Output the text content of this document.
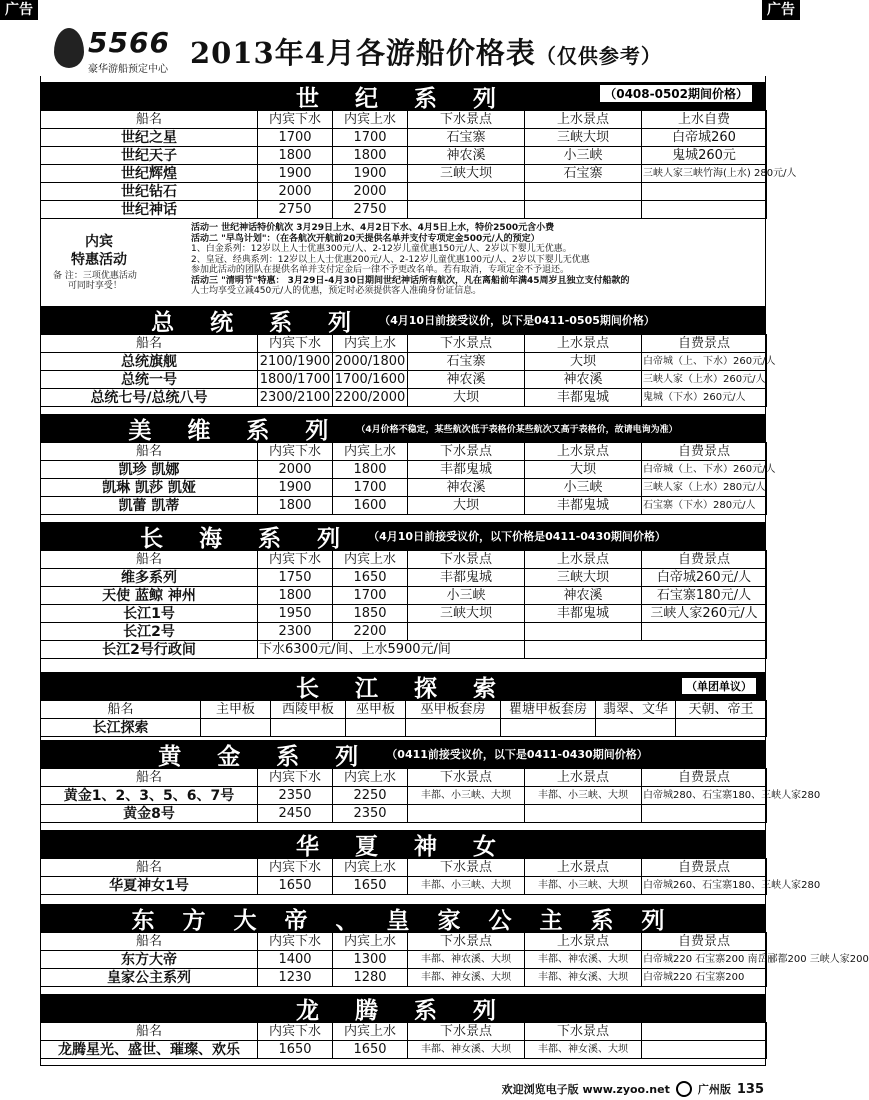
广告	广告
5566
豪华游船预定中心 2013年4月各游船价格表（仅供参考）
世 纪 系 列	（0408-0502期间价格）
船名	内宾下水	内宾上水	下水景点	上水景点	上水自费
世纪之星	1700	1700	石宝寨	三峡大坝	白帝城260
世纪天子	1800	1800	神农溪	小三峡	鬼城260元
世纪辉煌	1900	1900	三峡大坝	石宝寨	三峡人家三峡竹海(上水) 280元/人
世纪钻石	2000	2000			
世纪神话	2750	2750			
内宾
特惠活动
备 注：三项优惠活动
可同时享受！
活动一 世纪神话特价航次 3月29日上水、4月2日下水、4月5日上水，特价2500元含小费
活动二 "早鸟计划"：（在各航次开航前20天提供名单并支付专项定金500元/人的预定）
1、白金系列：12岁以上人士优惠300元/人、2-12岁儿童优惠150元/人、2岁以下婴儿无优惠。
2、皇冠、经典系列：12岁以上人士优惠200元/人、2-12岁儿童优惠100元/人、2岁以下婴儿无优惠
参加此活动的团队在提供名单并支付定金后一律不予更改名单。若有取消，专项定金不予退还。
活动三 "清明节"特惠： 3月29日-4月30日期间世纪神话所有航次，凡在离船前年满45周岁且独立支付船款的
人士均享受立减450元/人的优惠，预定时必须提供客人准确身份证信息。
总 统 系 列 （4月10日前接受议价，以下是0411-0505期间价格）
船名	内宾下水	内宾上水	下水景点	上水景点	自费景点
总统旗舰	2100/1900	2000/1800	石宝寨	大坝	白帝城（上、下水）260元/人
总统一号	1800/1700	1700/1600	神农溪	神农溪	三峡人家（上水）260元/人
总统七号/总统八号	2300/2100	2200/2000	大坝	丰都鬼城	鬼城（下水）260元/人
美 维 系 列 （4月价格不稳定，某些航次低于表格价某些航次又高于表格价，故请电询为准）
船名	内宾下水	内宾上水	下水景点	上水景点	自费景点
凯珍 凯娜	2000	1800	丰都鬼城	大坝	白帝城（上、下水）260元/人
凯琳 凯莎 凯娅	1900	1700	神农溪	小三峡	三峡人家（上水）280元/人
凯蕾 凯蒂	1800	1600	大坝	丰都鬼城	石宝寨（下水）280元/人
长 海 系 列 （4月10日前接受议价，以下价格是0411-0430期间价格）
船名	内宾下水	内宾上水	下水景点	上水景点	自费景点
维多系列	1750	1650	丰都鬼城	三峡大坝	白帝城260元/人
天使 蓝鲸 神州	1800	1700	小三峡	神农溪	石宝寨180元/人
长江1号	1950	1850	三峡大坝	丰都鬼城	三峡人家260元/人
长江2号	2300	2200			
长江2号行政间	下水6300元/间、上水5900元/间				
长 江 探 索	（单团单议）
船名	主甲板	西陵甲板	巫甲板	巫甲板套房	瞿塘甲板套房	翡翠、文华	天朝、帝王
长江探索							
黄 金 系 列 （0411前接受议价，以下是0411-0430期间价格）
船名	内宾下水	内宾上水	下水景点	上水景点	自费景点
黄金1、2、3、5、6、7号	2350	2250	丰都、小三峡、大坝	丰都、小三峡、大坝	白帝城280、石宝寨180、三峡人家280
黄金8号	2450	2350			
华 夏 神 女
船名	内宾下水	内宾上水	下水景点	上水景点	自费景点
华夏神女1号	1650	1650	丰都、小三峡、大坝	丰都、小三峡、大坝	白帝城260、石宝寨180、三峡人家280
东 方 大 帝 、 皇 家 公 主 系 列
船名	内宾下水	内宾上水	下水景点	上水景点	自费景点
东方大帝	1400	1300	丰都、神农溪、大坝	丰都、神农溪、大坝	白帝城220 石宝寨200 南岳郦都200 三峡人家200
皇家公主系列	1230	1280	丰都、神女溪、大坝	丰都、神女溪、大坝	白帝城220 石宝寨200
龙 腾 系 列
船名	内宾下水	内宾上水	下水景点	下水景点	
龙腾星光、盛世、璀璨、欢乐	1650	1650	丰都、神女溪、大坝	丰都、神女溪、大坝	
欢迎浏览电子版 www.zyoo.net	广州版 135
